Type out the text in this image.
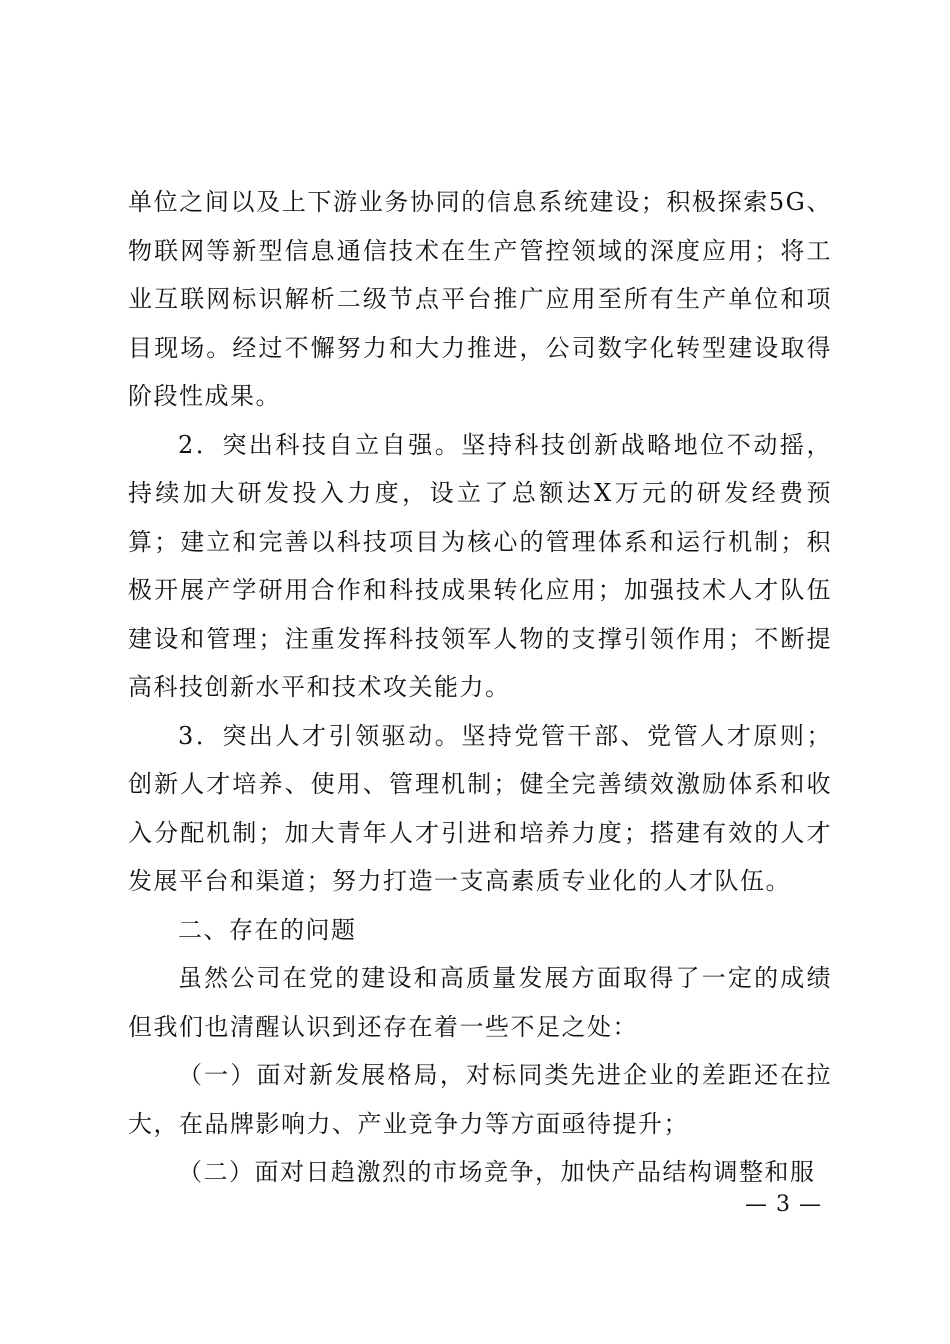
单位之间以及上下游业务协同的信息系统建设；积极探索5G、物联网等新型信息通信技术在生产管控领域的深度应用；将工业互联网标识解析二级节点平台推广应用至所有生产单位和项目现场。经过不懈努力和大力推进，公司数字化转型建设取得阶段性成果。

2．突出科技自立自强。坚持科技创新战略地位不动摇，持续加大研发投入力度，设立了总额达X万元的研发经费预算；建立和完善以科技项目为核心的管理体系和运行机制；积极开展产学研用合作和科技成果转化应用；加强技术人才队伍建设和管理；注重发挥科技领军人物的支撑引领作用；不断提高科技创新水平和技术攻关能力。

3．突出人才引领驱动。坚持党管干部、党管人才原则；创新人才培养、使用、管理机制；健全完善绩效激励体系和收入分配机制；加大青年人才引进和培养力度；搭建有效的人才发展平台和渠道；努力打造一支高素质专业化的人才队伍。

二、存在的问题

虽然公司在党的建设和高质量发展方面取得了一定的成绩但我们也清醒认识到还存在着一些不足之处：

（一）面对新发展格局，对标同类先进企业的差距还在拉大，在品牌影响力、产业竞争力等方面亟待提升；

（二）面对日趋激烈的市场竞争，加快产品结构调整和服

— 3 —
